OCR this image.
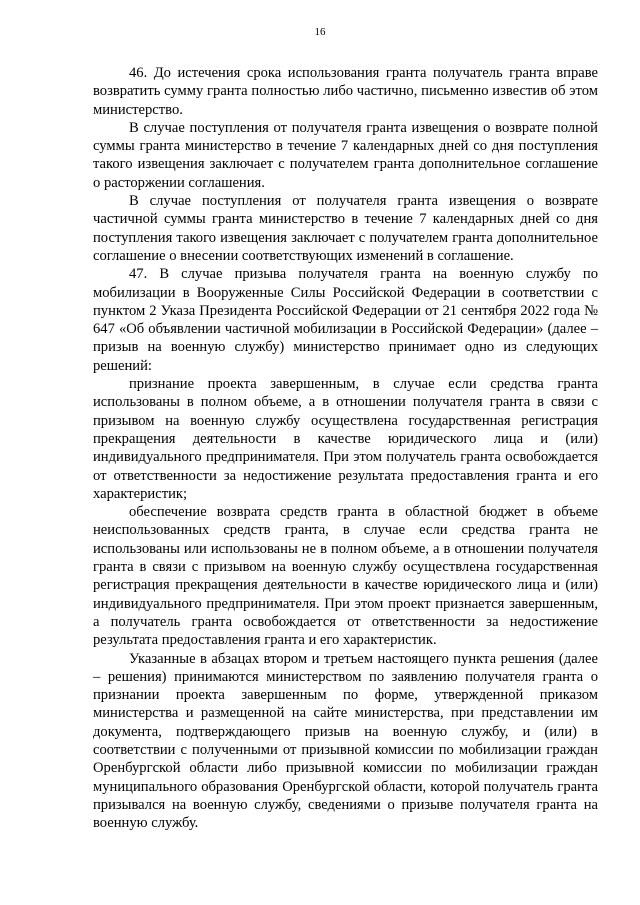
16

46. До истечения срока использования гранта получатель гранта вправе возвратить сумму гранта полностью либо частично, письменно известив об этом министерство.

В случае поступления от получателя гранта извещения о возврате полной суммы гранта министерство в течение 7 календарных дней со дня поступления такого извещения заключает с получателем гранта дополнительное соглашение о расторжении соглашения.

В случае поступления от получателя гранта извещения о возврате частичной суммы гранта министерство в течение 7 календарных дней со дня поступления такого извещения заключает с получателем гранта дополнительное соглашение о внесении соответствующих изменений в соглашение.

47. В случае призыва получателя гранта на военную службу по мобилизации в Вооруженные Силы Российской Федерации в соответствии с пунктом 2 Указа Президента Российской Федерации от 21 сентября 2022 года № 647 «Об объявлении частичной мобилизации в Российской Федерации» (далее – призыв на военную службу) министерство принимает одно из следующих решений:

признание проекта завершенным, в случае если средства гранта использованы в полном объеме, а в отношении получателя гранта в связи с призывом на военную службу осуществлена государственная регистрация прекращения деятельности в качестве юридического лица и (или) индивидуального предпринимателя. При этом получатель гранта освобождается от ответственности за недостижение результата предоставления гранта и его характеристик;

обеспечение возврата средств гранта в областной бюджет в объеме неиспользованных средств гранта, в случае если средства гранта не использованы или использованы не в полном объеме, а в отношении получателя гранта в связи с призывом на военную службу осуществлена государственная регистрация прекращения деятельности в качестве юридического лица и (или) индивидуального предпринимателя. При этом проект признается завершенным, а получатель гранта освобождается от ответственности за недостижение результата предоставления гранта и его характеристик.

Указанные в абзацах втором и третьем настоящего пункта решения (далее – решения) принимаются министерством по заявлению получателя гранта о признании проекта завершенным по форме, утвержденной приказом министерства и размещенной на сайте министерства, при представлении им документа, подтверждающего призыв на военную службу, и (или) в соответствии с полученными от призывной комиссии по мобилизации граждан Оренбургской области либо призывной комиссии по мобилизации граждан муниципального образования Оренбургской области, которой получатель гранта призывался на военную службу, сведениями о призыве получателя гранта на военную службу.
